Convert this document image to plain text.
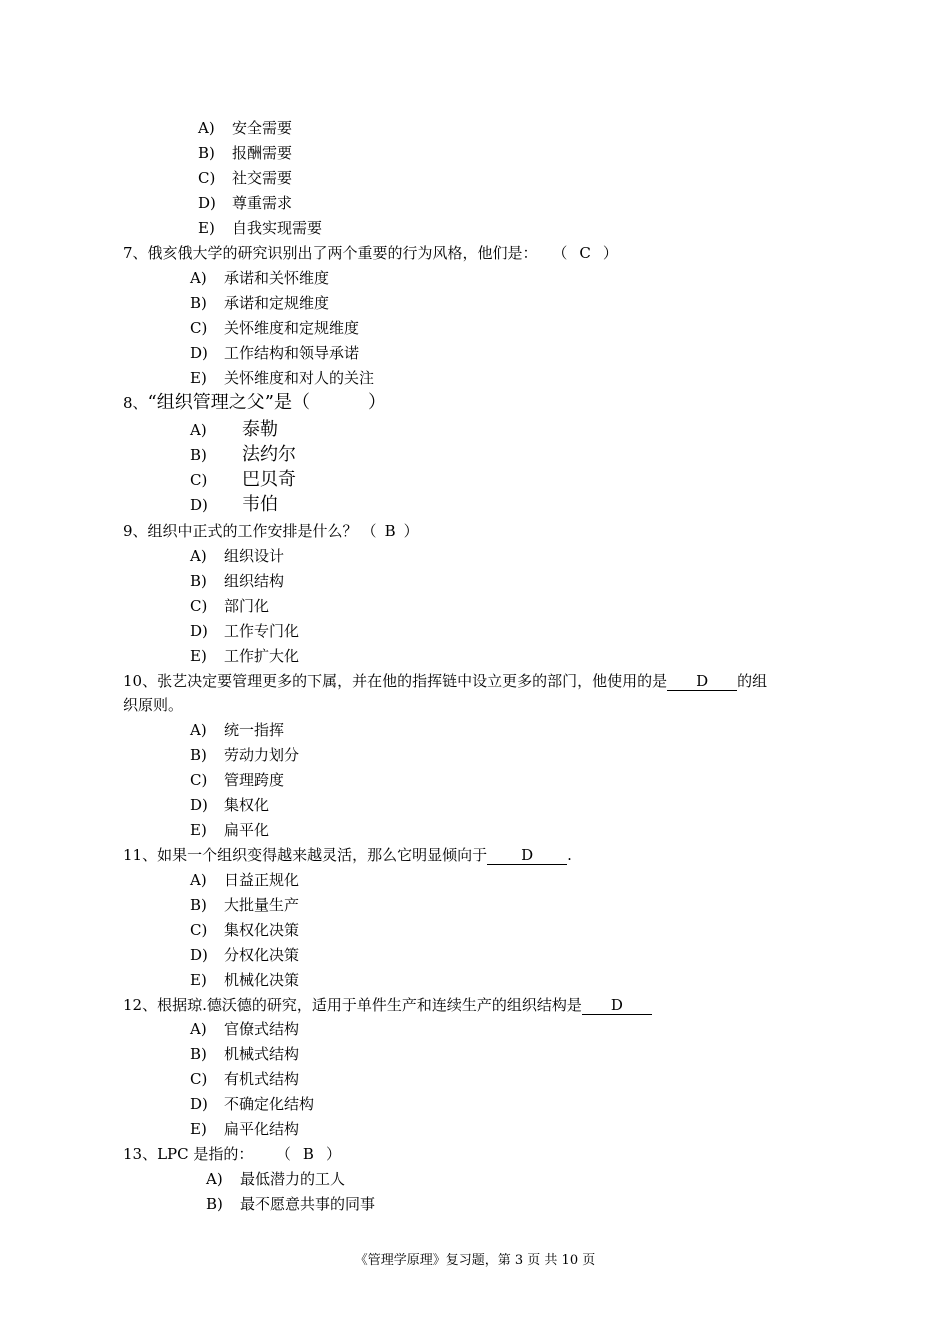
A) 安全需要
B) 报酬需要
C) 社交需要
D) 尊重需求
E) 自我实现需要
7、俄亥俄大学的研究识别出了两个重要的行为风格，他们是： （ C ）
A) 承诺和关怀维度
B) 承诺和定规维度
C) 关怀维度和定规维度
D) 工作结构和领导承诺
E) 关怀维度和对人的关注
8、“组织管理之父”是（	）
A) 泰勒
B) 法约尔
C) 巴贝奇
D) 韦伯
9、组织中正式的工作安排是什么？ （ B ）
A) 组织设计
B) 组织结构
C) 部门化
D) 工作专门化
E) 工作扩大化
10、张艺决定要管理更多的下属，并在他的指挥链中设立更多的部门，他使用的是 D 的组
织原则。
A) 统一指挥
B) 劳动力划分
C) 管理跨度
D) 集权化
E) 扁平化
11、如果一个组织变得越来越灵活，那么它明显倾向于 D .
A) 日益正规化
B) 大批量生产
C) 集权化决策
D) 分权化决策
E) 机械化决策
12、根据琼.德沃德的研究，适用于单件生产和连续生产的组织结构是 D
A) 官僚式结构
B) 机械式结构
C) 有机式结构
D) 不确定化结构
E) 扁平化结构
13、LPC 是指的： （ B ）
A) 最低潜力的工人
B) 最不愿意共事的同事
《管理学原理》复习题，第 3 页 共 10 页
